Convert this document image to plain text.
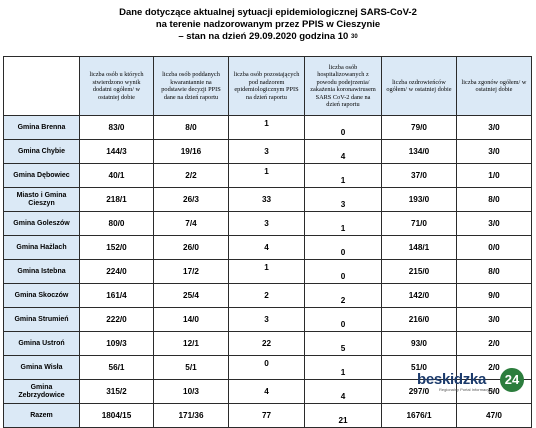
Dane dotyczące aktualnej sytuacji epidemiologicznej SARS-CoV-2
na terenie nadzorowanym przez PPIS w Cieszynie
– stan na dzień 29.09.2020 godzina 10 $^{30}$
	liczba osób u których stwierdzono wynik dodatni ogółem/ w ostatniej dobie	liczba osób poddanych kwarantannie na podstawie decyzji PPIS dane na dzień raportu	liczba osób pozostających pod nadzorem epidemiologicznym PPIS na dzień raportu	liczba osób hospitalizowanych z powodu podejrzenia/ zakażenia koronawirusem SARS CoV-2 dane na dzień raportu	liczba ozdrowieńców ogółem/ w ostatniej dobie	liczba zgonów ogółem/ w ostatniej dobie
Gmina Brenna	83/0	8/0	1	0	79/0	3/0
Gmina Chybie	144/3	19/16	3	4	134/0	3/0
Gmina Dębowiec	40/1	2/2	1	1	37/0	1/0
Miasto i Gmina Cieszyn	218/1	26/3	33	3	193/0	8/0
Gmina Goleszów	80/0	7/4	3	1	71/0	3/0
Gmina Hażlach	152/0	26/0	4	0	148/1	0/0
Gmina Istebna	224/0	17/2	1	0	215/0	8/0
Gmina Skoczów	161/4	25/4	2	2	142/0	9/0
Gmina Strumień	222/0	14/0	3	0	216/0	3/0
Gmina Ustroń	109/3	12/1	22	5	93/0	2/0
Gmina Wisła	56/1	5/1	0	1	51/0	2/0
Gmina Zebrzydowice	315/2	10/3	4	4	297/0	5/0
Razem	1804/15	171/36	77	21	1676/1	47/0
beskidzka	24
Regionalny Portal Informacyjny
